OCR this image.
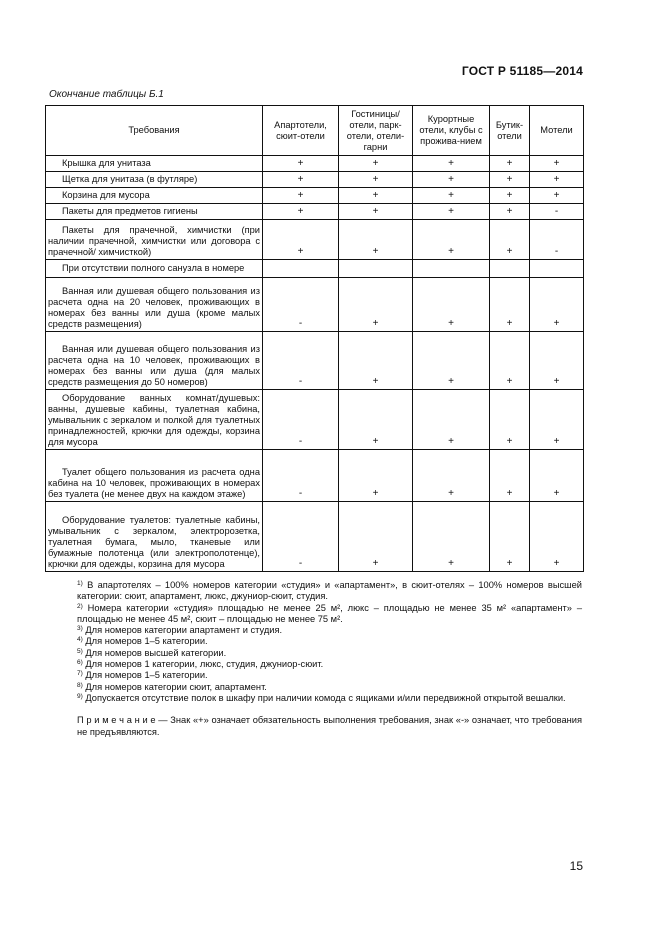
ГОСТ Р 51185—2014
Окончание таблицы Б.1
Требования	Апартотели, сюит-отели	Гостиницы/ отели, парк-отели, отели-гарни	Курортные отели, клубы с прожива-нием	Бутик-отели	Мотели
Крышка для унитаза	+	+	+	+	+
Щетка для унитаза (в футляре)	+	+	+	+	+
Корзина для мусора	+	+	+	+	+
Пакеты для предметов гигиены	+	+	+	+	-
Пакеты для прачечной, химчистки (при наличии прачечной, химчистки или договора с прачечной/ химчисткой)	+	+	+	+	-
При отсутствии полного санузла в номере					
Ванная или душевая общего пользования из расчета одна на 20 человек, проживающих в номерах без ванны или душа (кроме малых средств размещения)	-	+	+	+	+
Ванная или душевая общего пользования из расчета одна на 10 человек, проживающих в номерах без ванны или душа (для малых средств размещения до 50 номеров)	-	+	+	+	+
Оборудование ванных комнат/душевых: ванны, душевые кабины, туалетная кабина, умывальник с зеркалом и полкой для туалетных принадлежностей, крючки для одежды, корзина для мусора	-	+	+	+	+
Туалет общего пользования из расчета одна кабина на 10 человек, проживающих в номерах без туалета (не менее двух на каждом этаже)	-	+	+	+	+
Оборудование туалетов: туалетные кабины, умывальник с зеркалом, электророзетка, туалетная бумага, мыло, тканевые или бумажные полотенца (или электрополотенце), крючки для одежды, корзина для мусора	-	+	+	+	+

$^{1)}$ В апартотелях – 100% номеров категории «студия» и «апартамент», в сюит-отелях – 100% номеров высшей категории: сюит, апартамент, люкс, джуниор-сюит, студия.

$^{2)}$ Номера категории «студия» площадью не менее 25 м², люкс – площадью не менее 35 м² «апартамент» – площадью не менее 45 м², сюит – площадью не менее 75 м².

$^{3)}$ Для номеров категории апартамент и студия.

$^{4)}$ Для номеров 1–5 категории.

$^{5)}$ Для номеров высшей категории.

$^{6)}$ Для номеров 1 категории, люкс, студия, джуниор-сюит.

$^{7)}$ Для номеров 1–5 категории.

$^{8)}$ Для номеров категории сюит, апартамент.

$^{9)}$ Допускается отсутствие полок в шкафу при наличии комода с ящиками и/или передвижной открытой вешалки.

П р и м е ч а н и е — Знак «+» означает обязательность выполнения требования, знак «-» означает, что требования не предъявляются.

15
